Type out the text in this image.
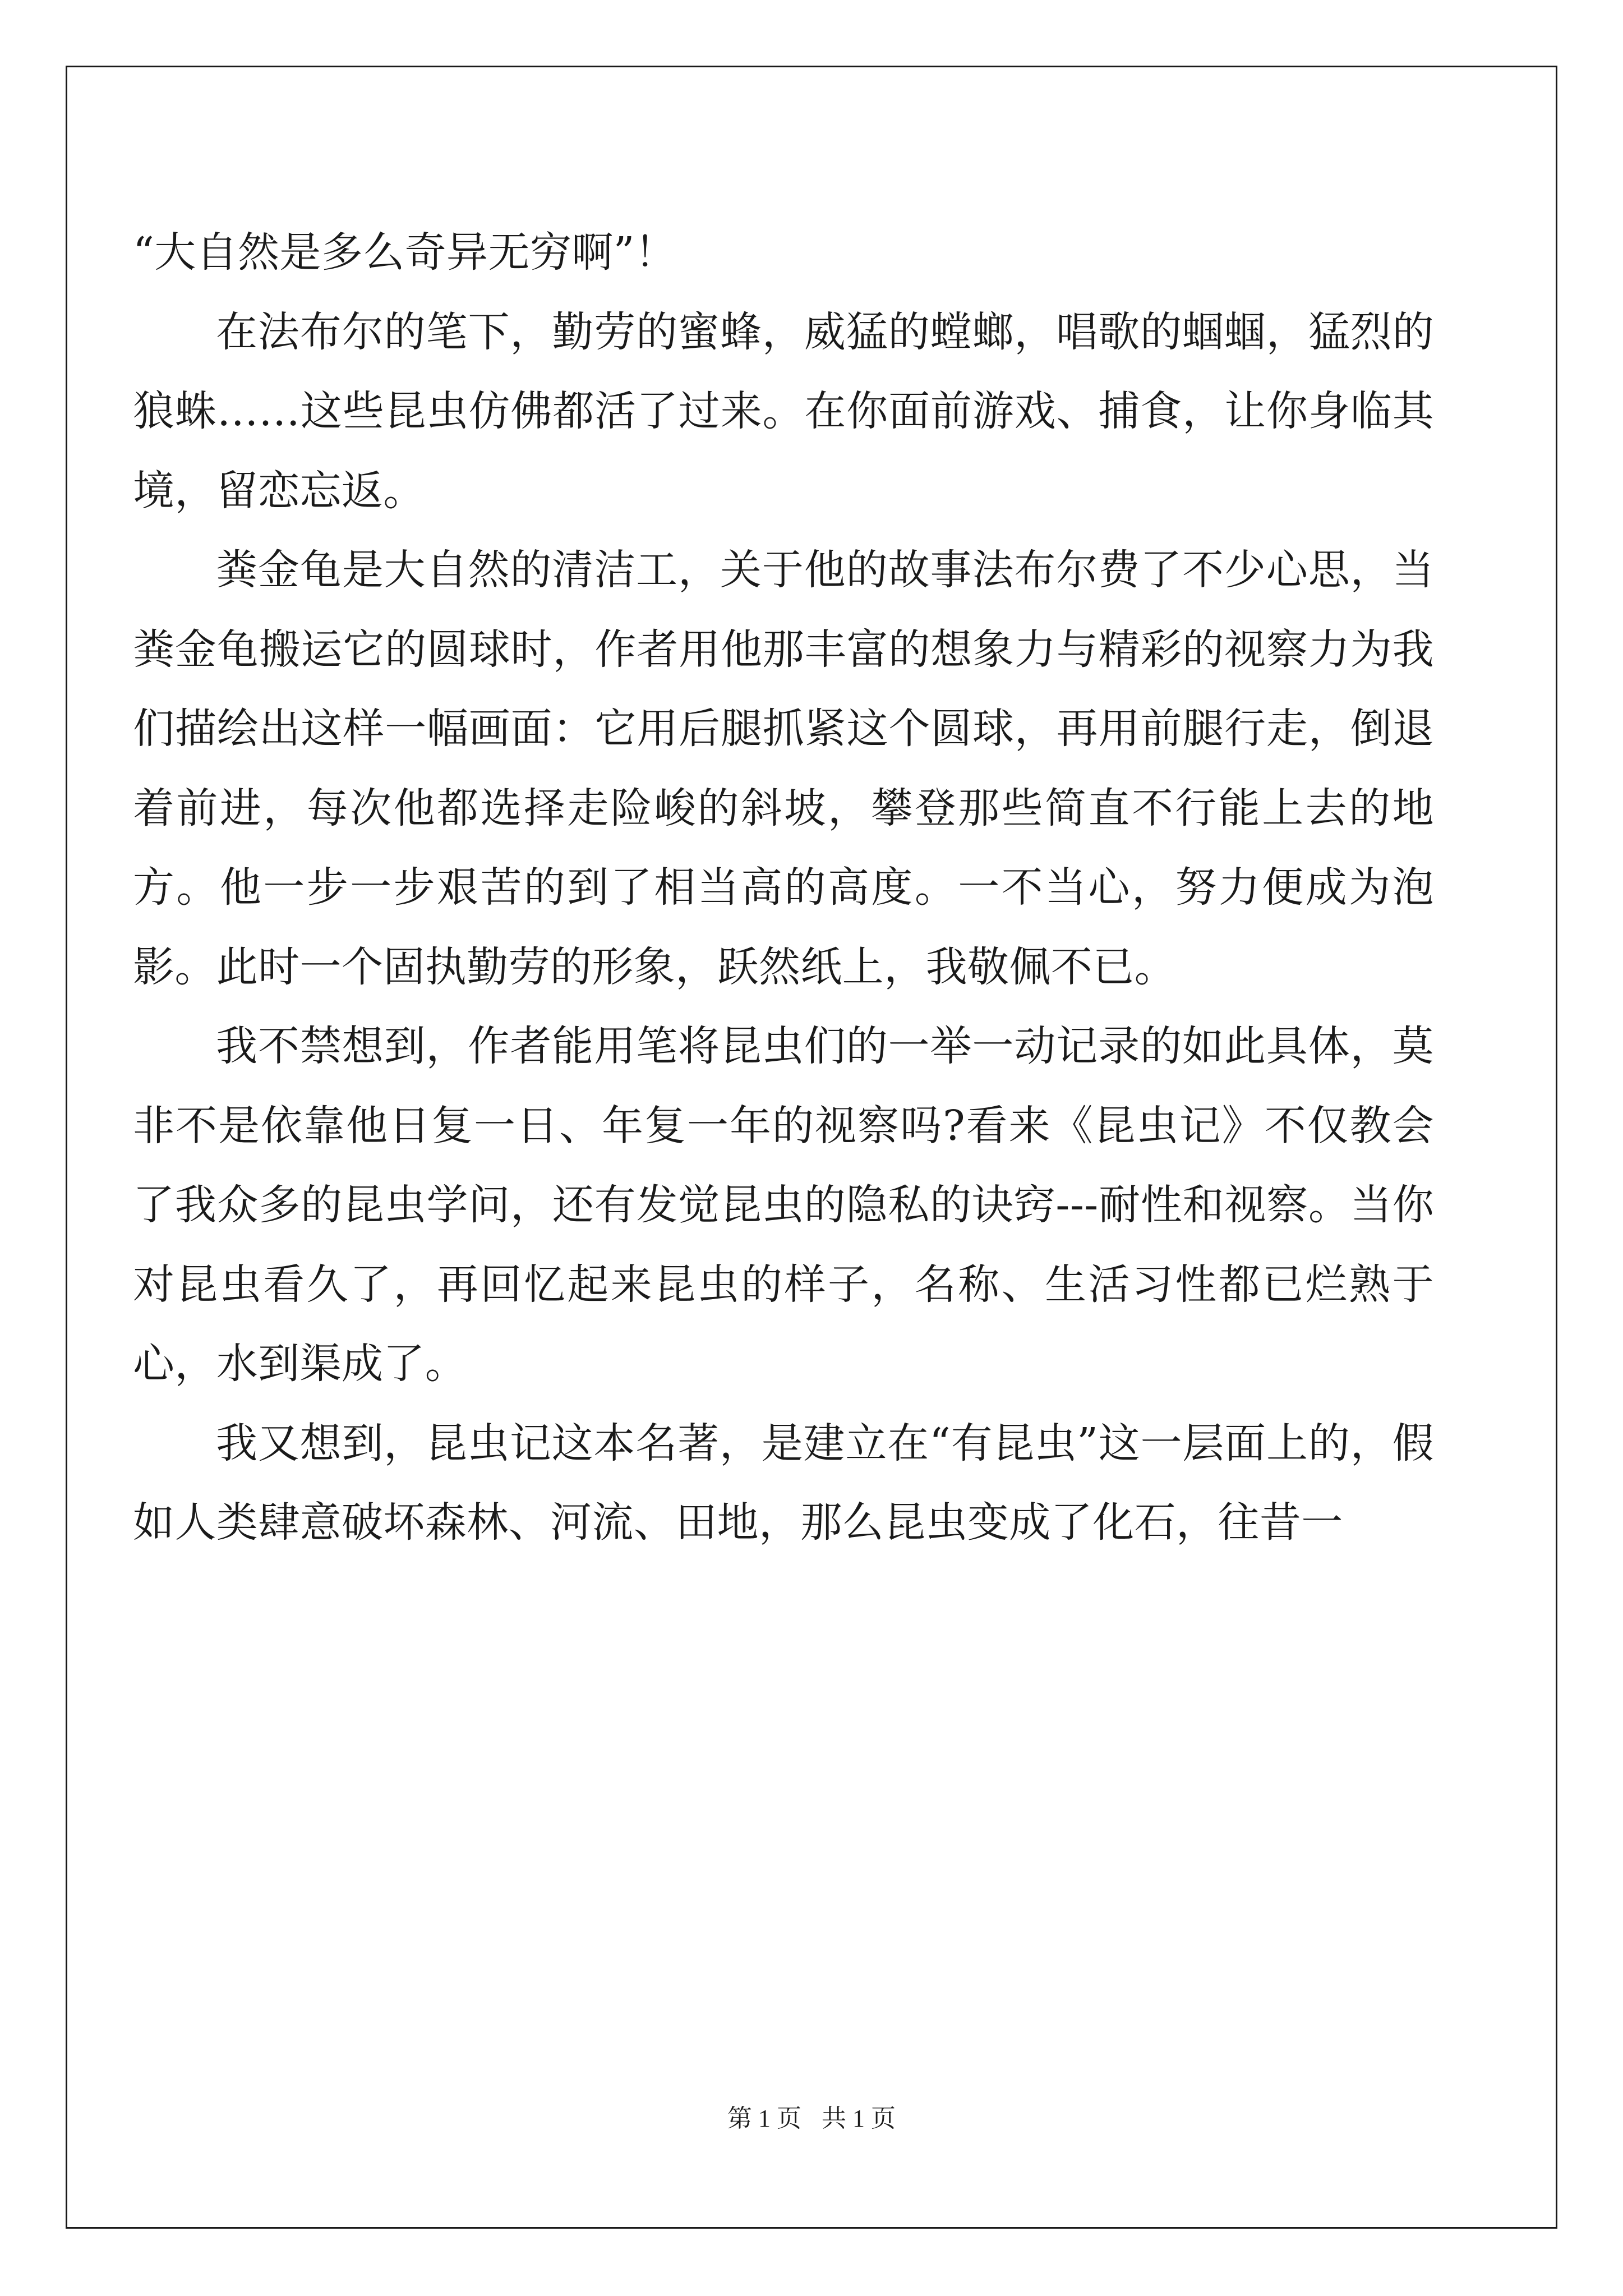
“大自然是多么奇异无穷啊”！

在法布尔的笔下，勤劳的蜜蜂，威猛的螳螂，唱歌的蝈蝈，猛烈的狼蛛……这些昆虫仿佛都活了过来。在你面前游戏、捕食，让你身临其境，留恋忘返。

粪金龟是大自然的清洁工，关于他的故事法布尔费了不少心思，当粪金龟搬运它的圆球时，作者用他那丰富的想象力与精彩的视察力为我们描绘出这样一幅画面：它用后腿抓紧这个圆球，再用前腿行走，倒退着前进，每次他都选择走险峻的斜坡，攀登那些简直不行能上去的地方。他一步一步艰苦的到了相当高的高度。一不当心，努力便成为泡影。此时一个固执勤劳的形象，跃然纸上，我敬佩不已。

我不禁想到，作者能用笔将昆虫们的一举一动记录的如此具体，莫非不是依靠他日复一日、年复一年的视察吗?看来《昆虫记》不仅教会了我众多的昆虫学问，还有发觉昆虫的隐私的诀窍---耐性和视察。当你对昆虫看久了，再回忆起来昆虫的样子，名称、生活习性都已烂熟于心，水到渠成了。

我又想到，昆虫记这本名著，是建立在“有昆虫”这一层面上的，假如人类肆意破坏森林、河流、田地，那么昆虫变成了化石，往昔一

第 1 页 共 1 页
